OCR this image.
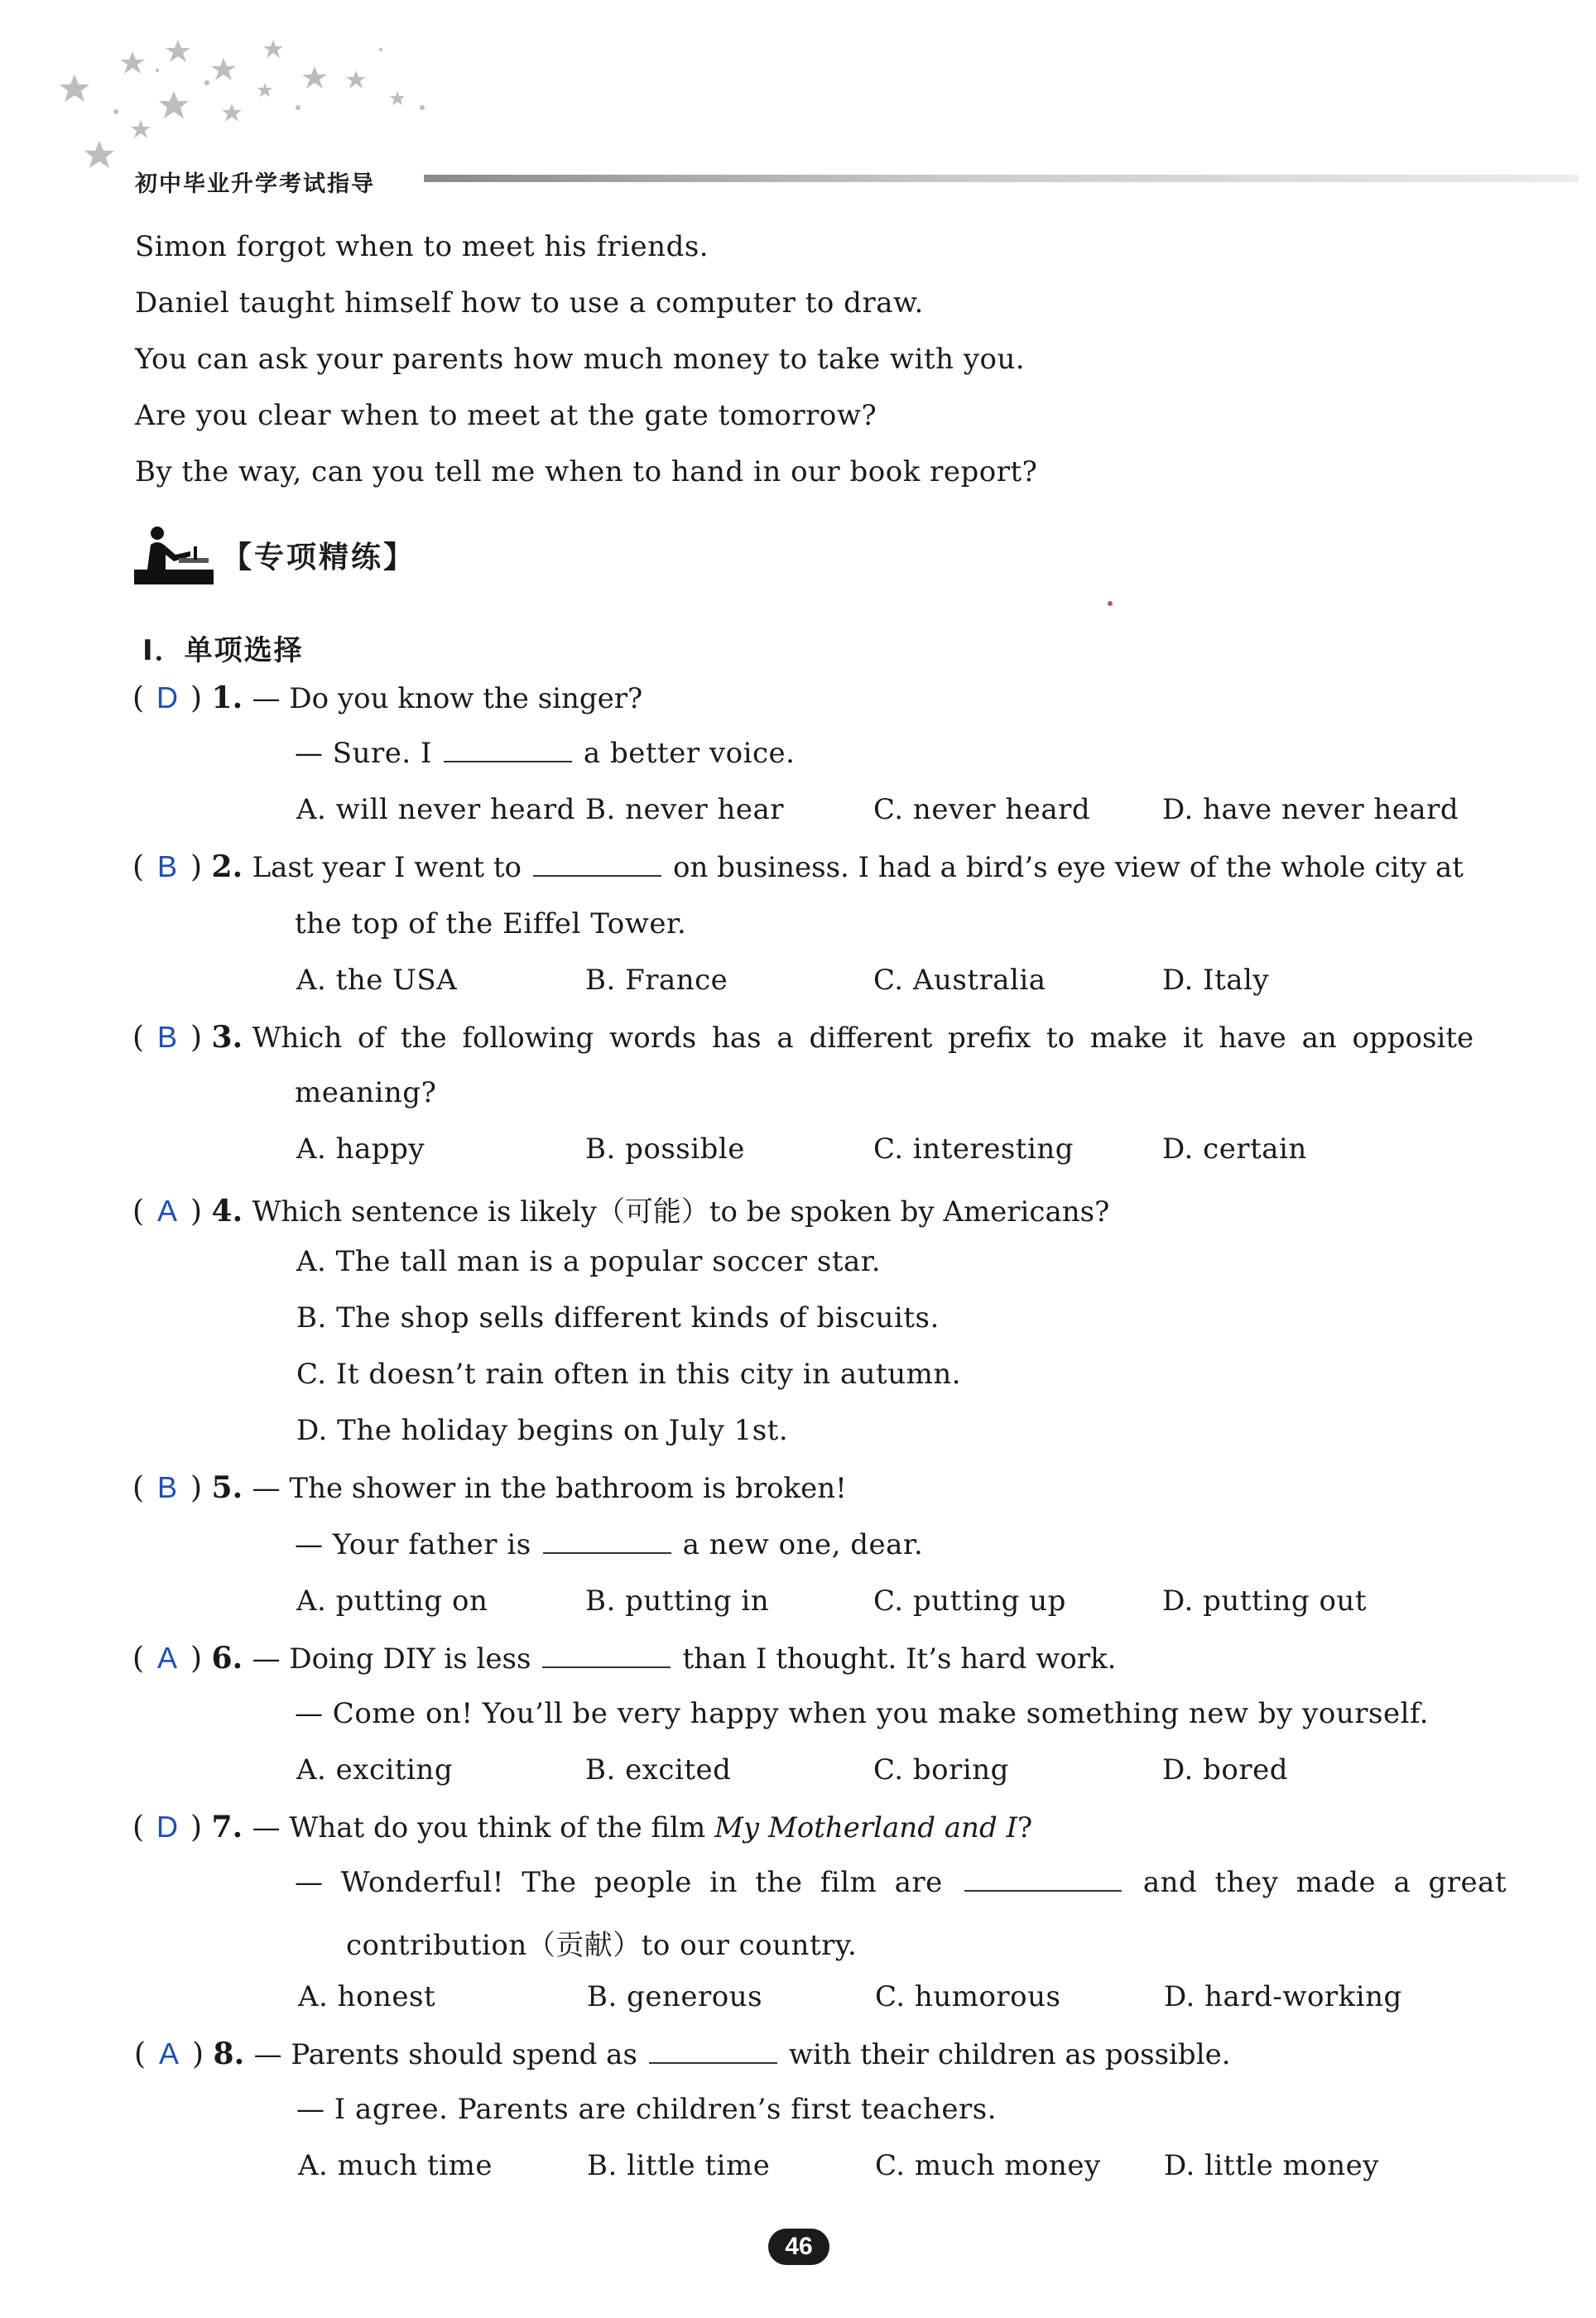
初中毕业升学考试指导
Simon forgot when to meet his friends.
Daniel taught himself how to use a computer to draw.
You can ask your parents how much money to take with you.
Are you clear when to meet at the gate tomorrow?
By the way, can you tell me when to hand in our book report?
【专项精练】
I．单项选择
( D ) 1. — Do you know the singer?
— Sure. I	a better voice.
A. will never heard B. never hear	C. never heard	D. have never heard
( B ) 2. Last year I went to	on business. I had a bird’s eye view of the whole city at
the top of the Eiffel Tower.
A. the USA	B. France	C. Australia	D. Italy
( B ) 3. Which of the following words has a different prefix to make it have an opposite
meaning?
A. happy	B. possible	C. interesting	D. certain
( A ) 4. Which sentence is likely（可能）to be spoken by Americans?
A. The tall man is a popular soccer star.
B. The shop sells different kinds of biscuits.
C. It doesn’t rain often in this city in autumn.
D. The holiday begins on July 1st.
( B ) 5. — The shower in the bathroom is broken!
— Your father is	a new one, dear.
A. putting on	B. putting in	C. putting up	D. putting out
( A ) 6. — Doing DIY is less	than I thought. It’s hard work.
— Come on! You’ll be very happy when you make something new by yourself.
A. exciting	B. excited	C. boring	D. bored
( D ) 7. — What do you think of the film My Motherland and I?
— Wonderful! The people in the film are	and they made a great
contribution（贡献）to our country.
A. honest	B. generous	C. humorous	D. hard-working
( A ) 8. — Parents should spend as	with their children as possible.
— I agree. Parents are children’s first teachers.
A. much time	B. little time	C. much money D. little money
46
